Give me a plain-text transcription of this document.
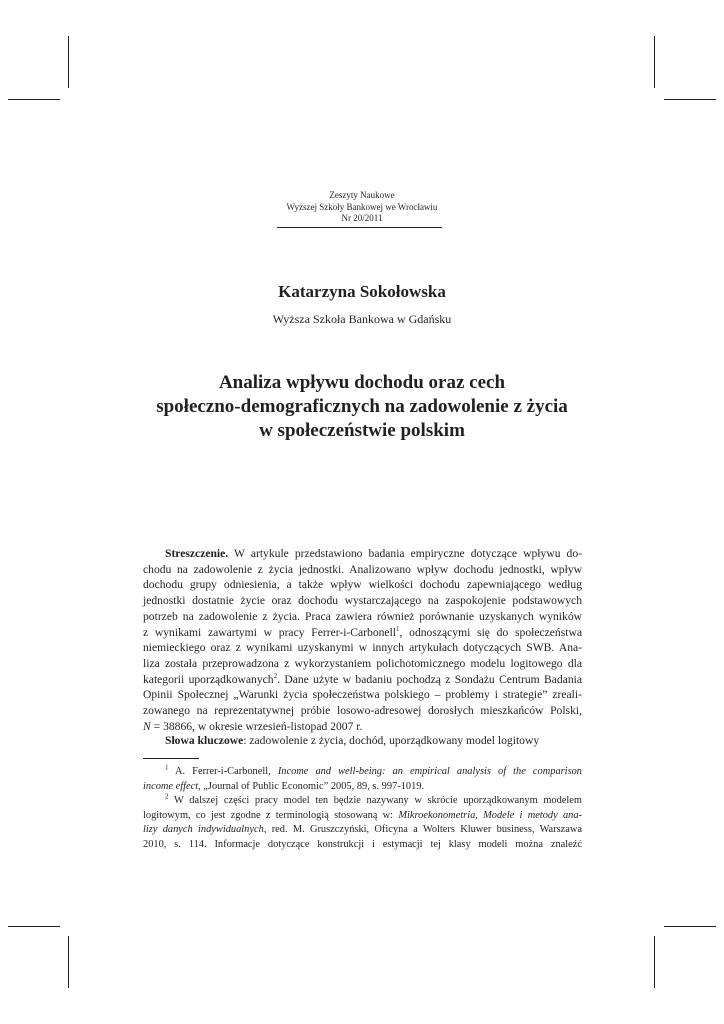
Zeszyty Naukowe
Wyższej Szkoły Bankowej we Wrocławiu
Nr 20/2011
Katarzyna Sokołowska
Wyższa Szkoła Bankowa w Gdańsku
Analiza wpływu dochodu oraz cech
społeczno-demograficznych na zadowolenie z życia
w społeczeństwie polskim
Streszczenie. W artykule przedstawiono badania empiryczne dotyczące wpływu do-
chodu na zadowolenie z życia jednostki. Analizowano wpływ dochodu jednostki, wpływ
dochodu grupy odniesienia, a także wpływ wielkości dochodu zapewniającego według
jednostki dostatnie życie oraz dochodu wystarczającego na zaspokojenie podstawowych
potrzeb na zadowolenie z życia. Praca zawiera również porównanie uzyskanych wyników
z wynikami zawartymi w pracy Ferrer-i-Carbonell$^1$, odnoszącymi się do społeczeństwa
niemieckiego oraz z wynikami uzyskanymi w innych artykułach dotyczących SWB. Ana-
liza została przeprowadzona z wykorzystaniem polichotomicznego modelu logitowego dla
kategorii uporządkowanych$^2$. Dane użyte w badaniu pochodzą z Sondażu Centrum Badania
Opinii Społecznej „Warunki życia społeczeństwa polskiego – problemy i strategie” zreali-
zowanego na reprezentatywnej próbie losowo-adresowej dorosłych mieszkańców Polski,
N = 38866, w okresie wrzesień-listopad 2007 r.
Słowa kluczowe: zadowolenie z życia, dochód, uporządkowany model logitowy
$^1$ A. Ferrer-i-Carbonell, Income and well-being: an empirical analysis of the comparison
income effect, „Journal of Public Economic” 2005, 89, s. 997-1019.
$^2$ W dalszej części pracy model ten będzie nazywany w skrócie uporządkowanym modelem
logitowym, co jest zgodne z terminologią stosowaną w: Mikroekonometria, Modele i metody ana-
lizy danych indywidualnych, red. M. Gruszczyński, Oficyna a Wolters Kluwer business, Warszawa
2010, s. 114. Informacje dotyczące konstrukcji i estymacji tej klasy modeli można znaleźć
